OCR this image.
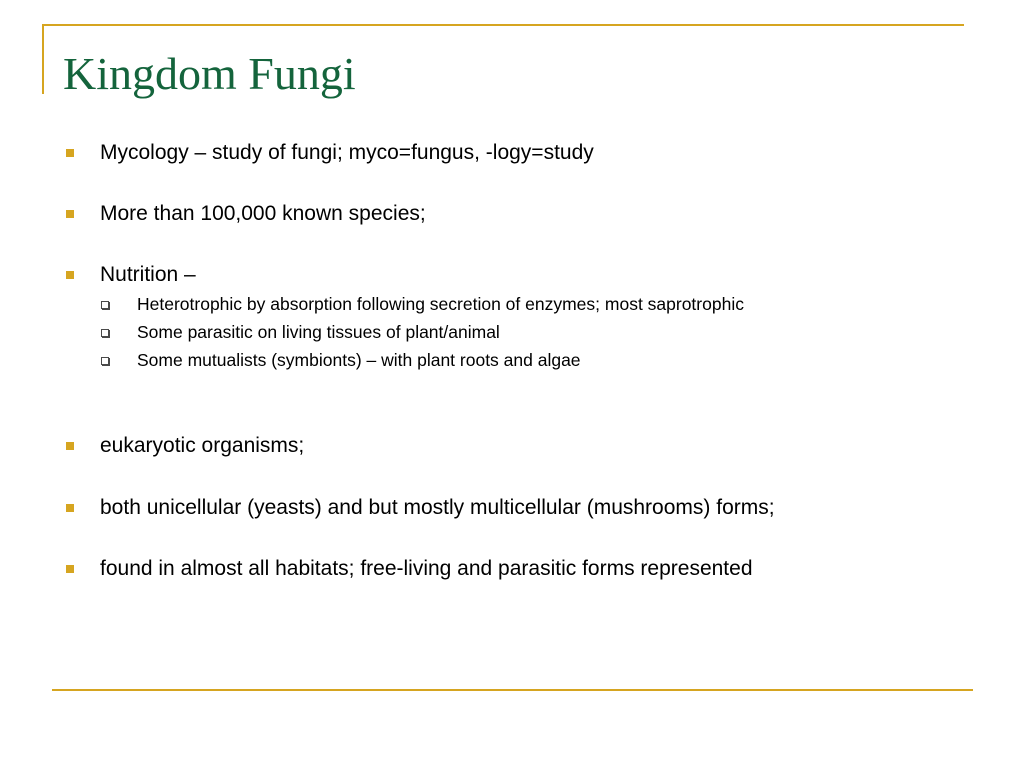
Kingdom Fungi
Mycology – study of fungi; myco=fungus, -logy=study
More than 100,000 known species;
Nutrition –
Heterotrophic by absorption following secretion of enzymes; most saprotrophic
Some parasitic on living tissues of plant/animal
Some mutualists (symbionts) – with plant roots and algae
eukaryotic organisms;
both unicellular (yeasts) and but mostly multicellular (mushrooms) forms;
found in almost all habitats; free-living and parasitic forms represented
